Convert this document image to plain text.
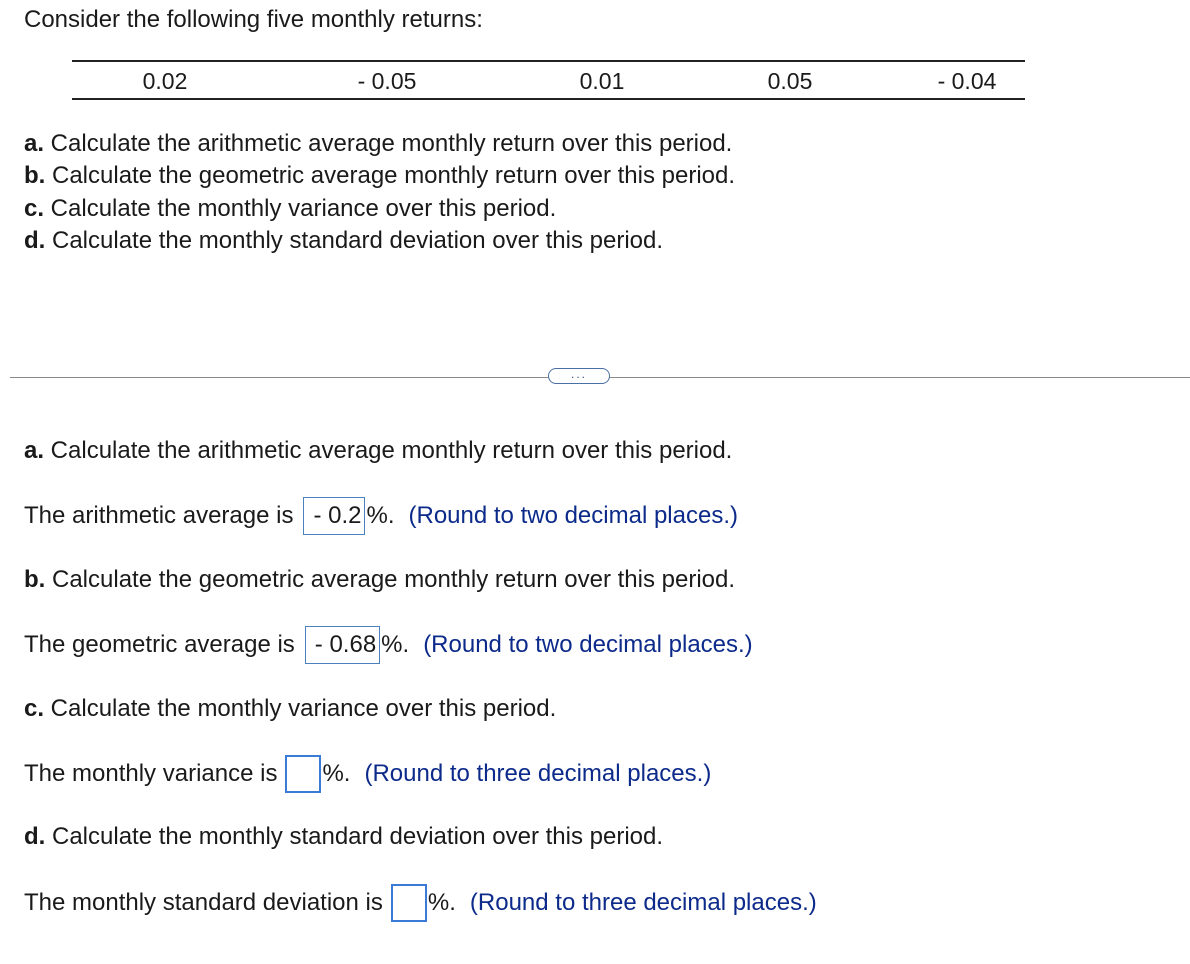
Consider the following five monthly returns:

0.02	- 0.05	0.01	0.05	- 0.04
a. Calculate the arithmetic average monthly return over this period.
b. Calculate the geometric average monthly return over this period.
c. Calculate the monthly variance over this period.
d. Calculate the monthly standard deviation over this period.
...
a. Calculate the arithmetic average monthly return over this period.
The arithmetic average is - 0.2 %. (Round to two decimal places.)
b. Calculate the geometric average monthly return over this period.
The geometric average is - 0.68 %. (Round to two decimal places.)
c. Calculate the monthly variance over this period.
The monthly variance is %. (Round to three decimal places.)
d. Calculate the monthly standard deviation over this period.
The monthly standard deviation is %. (Round to three decimal places.)
